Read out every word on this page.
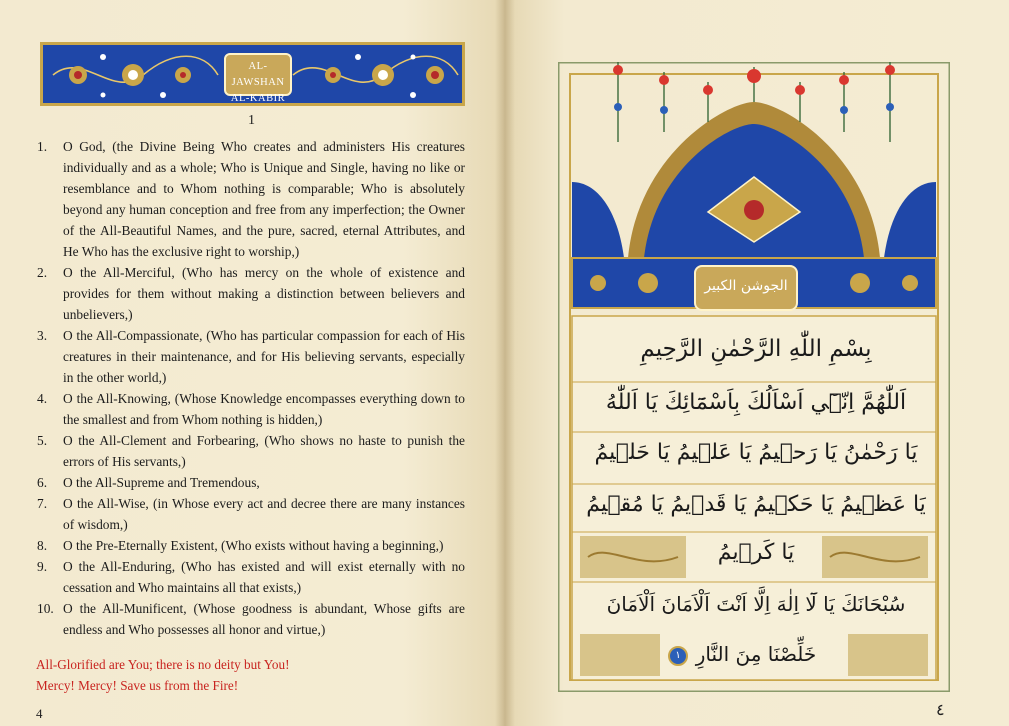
AL-JAWSHAN
AL-KABIR
1
1. O God, (the Divine Being Who creates and administers His creatures individually and as a whole; Who is Unique and Single, having no like or resemblance and to Whom nothing is comparable; Who is absolutely beyond any human conception and free from any imperfection; the Owner of the All-Beautiful Names, and the pure, sacred, eternal Attributes, and He Who has the exclusive right to worship,)
2. O the All-Merciful, (Who has mercy on the whole of existence and provides for them without making a distinction between believers and unbelievers,)
3. O the All-Compassionate, (Who has particular compassion for each of His creatures in their maintenance, and for His believing servants, especially in the other world,)
4. O the All-Knowing, (Whose Knowledge encompasses everything down to the smallest and from Whom nothing is hidden,)
5. O the All-Clement and Forbearing, (Who shows no haste to punish the errors of His servants,)
6. O the All-Supreme and Tremendous,
7. O the All-Wise, (in Whose every act and decree there are many instances of wisdom,)
8. O the Pre-Eternally Existent, (Who exists without having a beginning,)
9. O the All-Enduring, (Who has existed and will exist eternally with no cessation and Who maintains all that exists,)
10. O the All-Munificent, (Whose goodness is abundant, Whose gifts are endless and Who possesses all honor and virtue,)
All-Glorified are You; there is no deity but You!
Mercy! Mercy! Save us from the Fire!
4
الجوشن الكبير
بِسْمِ اللّٰهِ الرَّحْمٰنِ الرَّحِيمِ
اَللّٰهُمَّ اِنّ۪ٓي اَسْاَلُكَ بِاَسْمَٓائِكَ يَا اَللّٰهُ
يَا رَحْمٰنُ يَا رَح۪يمُ يَا عَل۪يمُ يَا حَل۪يمُ
يَا عَظ۪يمُ يَا حَك۪يمُ يَا قَد۪يمُ يَا مُق۪يمُ
يَا كَر۪يمُ
سُبْحَانَكَ يَا لَٓا اِلٰهَ اِلَّا اَنْتَ اَلْاَمَانَ اَلْاَمَانَ
خَلِّصْنَا مِنَ النَّارِ
١
٤
